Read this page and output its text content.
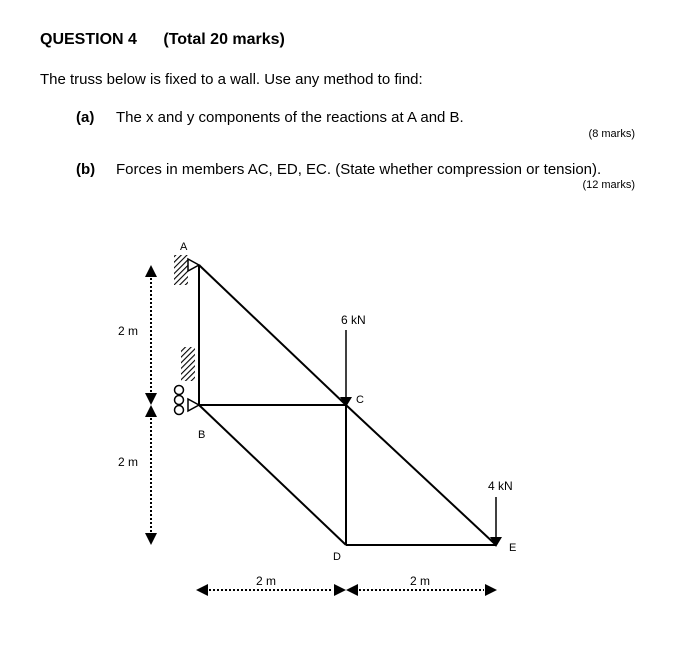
QUESTION 4 (Total 20 marks)
The truss below is fixed to a wall. Use any method to find:
(a) The x and y components of the reactions at A and B.
(8 marks)
(b) Forces in members AC, ED, EC. (State whether compression or tension).
(12 marks)
A
B
C
D
E
6 kN
4 kN
2 m
2 m
2 m	2 m
